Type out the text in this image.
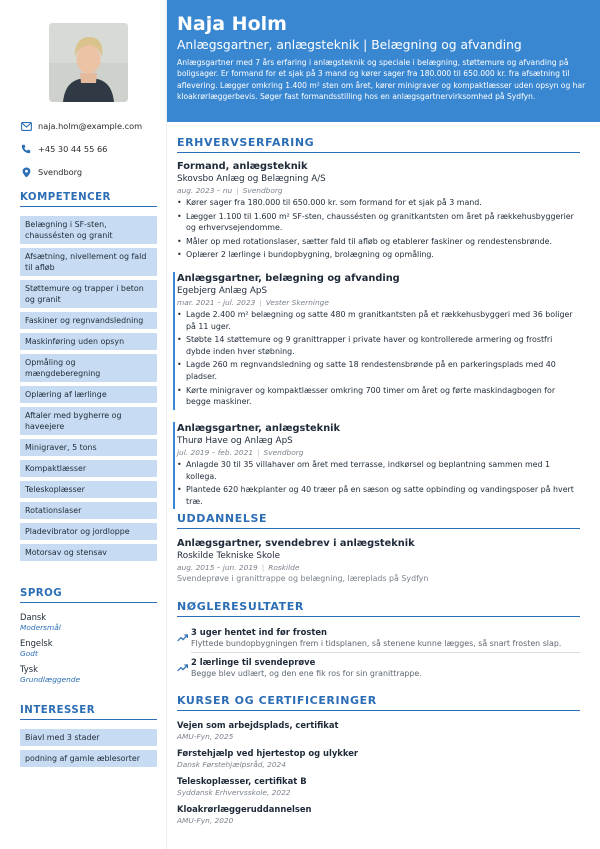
naja.holm@example.com
+45 30 44 55 66
Svendborg
KOMPETENCER
Belægning i SF-sten, chaussésten og granit
Afsætning, nivellement og fald til afløb
Støttemure og trapper i beton og granit
Faskiner og regnvandsledning
Maskinføring uden opsyn
Opmåling og mængdeberegning
Oplæring af lærlinge
Aftaler med bygherre og haveejere
Minigraver, 5 tons
Kompaktlæsser
Teleskoplæsser
Rotationslaser
Pladevibrator og jordloppe
Motorsav og stensav
SPROG
Dansk
Modersmål
Engelsk
Godt
Tysk
Grundlæggende
INTERESSER
Biavl med 3 stader
podning af gamle æblesorter
Naja Holm
Anlægsgartner, anlægsteknik | Belægning og afvanding
Anlægsgartner med 7 års erfaring i anlægsteknik og speciale i belægning, støttemure og afvanding på boligsager. Er formand for et sjak på 3 mand og kører sager fra 180.000 til 650.000 kr. fra afsætning til aflevering. Lægger omkring 1.400 m² sten om året, kører minigraver og kompaktlæsser uden opsyn og har kloakrørlæggerbevis. Søger fast formandsstilling hos en anlægsgartnervirksomhed på Sydfyn.
ERHVERVSERFARING
Formand, anlægsteknik
Skovsbo Anlæg og Belægning A/S
aug. 2023 – nu | Svendborg
• Kører sager fra 180.000 til 650.000 kr. som formand for et sjak på 3 mand.
• Lægger 1.100 til 1.600 m² SF-sten, chaussésten og granitkantsten om året på rækkehusbyggerier og erhvervsejendomme.
• Måler op med rotationslaser, sætter fald til afløb og etablerer faskiner og rendestensbrønde.
• Oplærer 2 lærlinge i bundopbygning, brolægning og opmåling.
Anlægsgartner, belægning og afvanding
Egebjerg Anlæg ApS
mar. 2021 – jul. 2023 | Vester Skerninge
• Lagde 2.400 m² belægning og satte 480 m granitkantsten på et rækkehusbyggeri med 36 boliger på 11 uger.
• Støbte 14 støttemure og 9 granittrapper i private haver og kontrollerede armering og frostfri dybde inden hver støbning.
• Lagde 260 m regnvandsledning og satte 18 rendestensbrønde på en parkeringsplads med 40 pladser.
• Kørte minigraver og kompaktlæsser omkring 700 timer om året og førte maskindagbogen for begge maskiner.
Anlægsgartner, anlægsteknik
Thurø Have og Anlæg ApS
jul. 2019 – feb. 2021 | Svendborg
• Anlagde 30 til 35 villahaver om året med terrasse, indkørsel og beplantning sammen med 1 kollega.
• Plantede 620 hækplanter og 40 træer på en sæson og satte opbinding og vandingsposer på hvert træ.
UDDANNELSE
Anlægsgartner, svendebrev i anlægsteknik
Roskilde Tekniske Skole
aug. 2015 – jun. 2019 | Roskilde
Svendeprøve i granittrappe og belægning, læreplads på Sydfyn
NØGLERESULTATER
3 uger hentet ind før frosten
Flyttede bundopbygningen frem i tidsplanen, så stenene kunne lægges, så snart frosten slap.
2 lærlinge til svendeprøve
Begge blev udlært, og den ene fik ros for sin granittrappe.
KURSER OG CERTIFICERINGER
Vejen som arbejdsplads, certifikat
AMU-Fyn, 2025
Førstehjælp ved hjertestop og ulykker
Dansk Førstehjælpsråd, 2024
Teleskoplæsser, certifikat B
Syddansk Erhvervsskole, 2022
Kloakrørlæggeruddannelsen
AMU-Fyn, 2020
